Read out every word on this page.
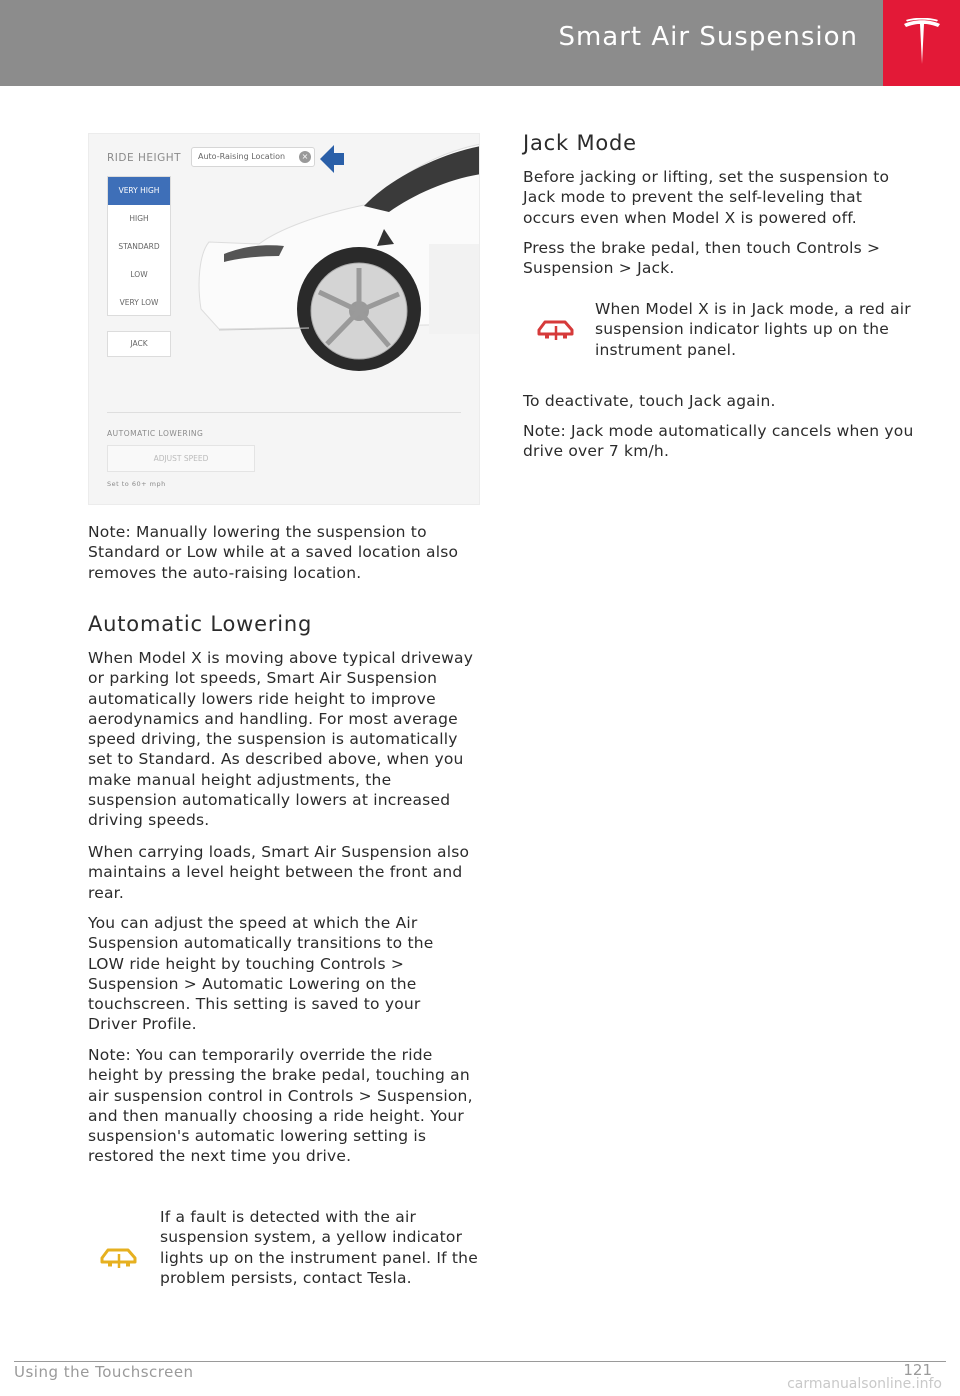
Smart Air Suspension
RIDE HEIGHT	Auto-Raising Location	×
VERY HIGH
HIGH
STANDARD
LOW
VERY LOW
JACK
AUTOMATIC LOWERING
ADJUST SPEED
Set to 60+ mph

Note: Manually lowering the suspension to Standard or Low while at a saved location also removes the auto-raising location.

Automatic Lowering

When Model X is moving above typical driveway or parking lot speeds, Smart Air Suspension automatically lowers ride height to improve aerodynamics and handling. For most average speed driving, the suspension is automatically set to Standard. As described above, when you make manual height adjustments, the suspension automatically lowers at increased driving speeds.

When carrying loads, Smart Air Suspension also maintains a level height between the front and rear.

You can adjust the speed at which the Air Suspension automatically transitions to the LOW ride height by touching Controls > Suspension > Automatic Lowering on the touchscreen. This setting is saved to your Driver Profile.

Note: You can temporarily override the ride height by pressing the brake pedal, touching an air suspension control in Controls > Suspension, and then manually choosing a ride height. Your suspension's automatic lowering setting is restored the next time you drive.

If a fault is detected with the air suspension system, a yellow indicator lights up on the instrument panel. If the problem persists, contact Tesla.

Jack Mode

Before jacking or lifting, set the suspension to Jack mode to prevent the self-leveling that occurs even when Model X is powered off.

Press the brake pedal, then touch Controls > Suspension > Jack.

When Model X is in Jack mode, a red air suspension indicator lights up on the instrument panel.

To deactivate, touch Jack again.

Note: Jack mode automatically cancels when you drive over 7 km/h.

Using the Touchscreen	121
carmanualsonline.info
